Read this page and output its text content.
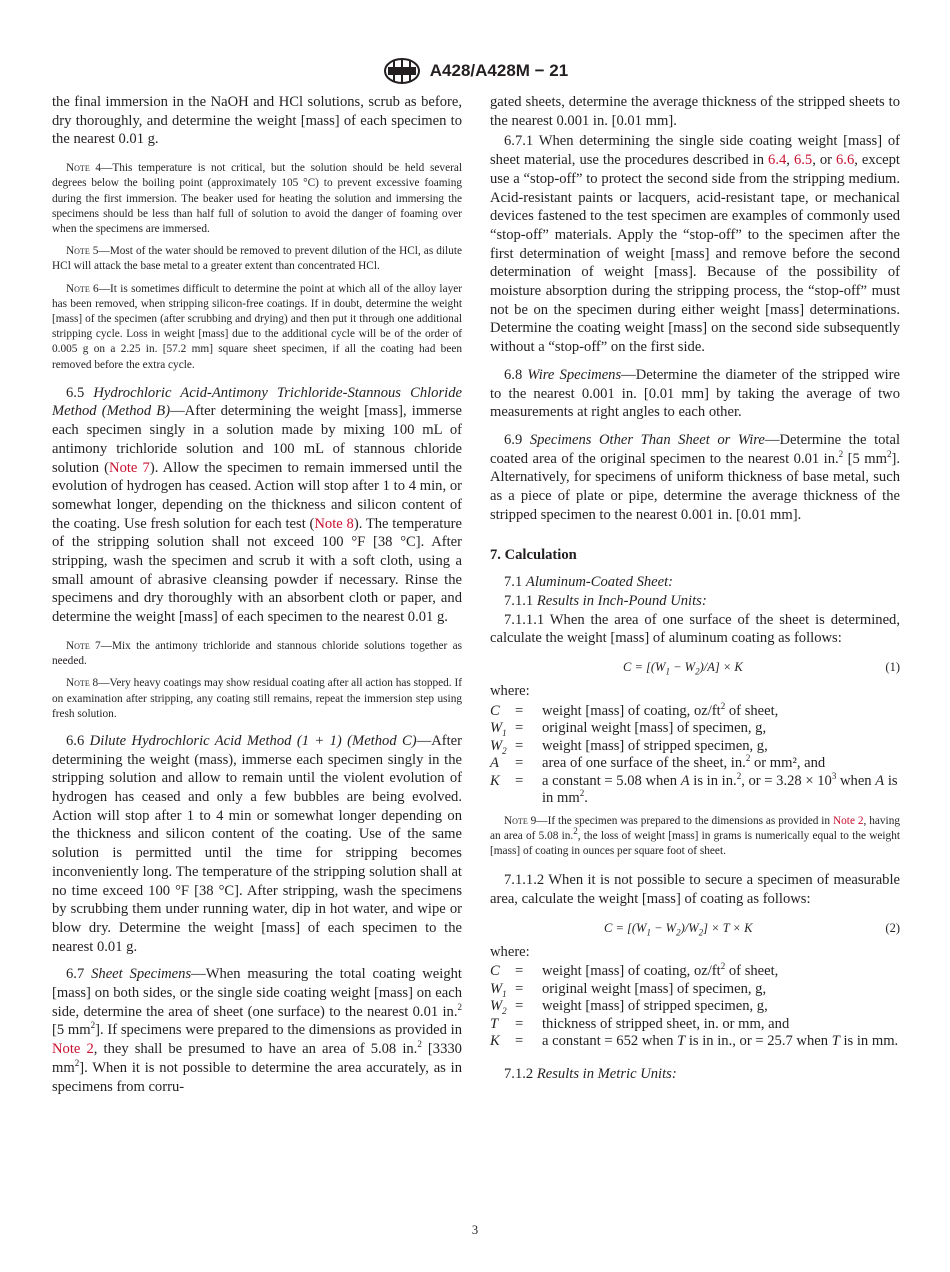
A428/A428M − 21

the final immersion in the NaOH and HCl solutions, scrub as before, dry thoroughly, and determine the weight [mass] of each specimen to the nearest 0.01 g.

Note 4—This temperature is not critical, but the solution should be held several degrees below the boiling point (approximately 105 °C) to prevent excessive foaming during the first immersion. The beaker used for heating the solution and immersing the specimens should be less than half full of solution to avoid the danger of foaming over when the specimens are immersed.

Note 5—Most of the water should be removed to prevent dilution of the HCl, as dilute HCl will attack the base metal to a greater extent than concentrated HCl.

Note 6—It is sometimes difficult to determine the point at which all of the alloy layer has been removed, when stripping silicon-free coatings. If in doubt, determine the weight [mass] of the specimen (after scrubbing and drying) and then put it through one additional stripping cycle. Loss in weight [mass] due to the additional cycle will be of the order of 0.005 g on a 2.25 in. [57.2 mm] square sheet specimen, if all the coating had been removed before the extra cycle.

6.5 Hydrochloric Acid-Antimony Trichloride-Stannous Chloride Method (Method B)—After determining the weight [mass], immerse each specimen singly in a solution made by mixing 100 mL of antimony trichloride solution and 100 mL of stannous chloride solution (Note 7). Allow the specimen to remain immersed until the evolution of hydrogen has ceased. Action will stop after 1 to 4 min, or somewhat longer, depending on the thickness and silicon content of the coating. Use fresh solution for each test (Note 8). The temperature of the stripping solution shall not exceed 100 °F [38 °C]. After stripping, wash the specimen and scrub it with a soft cloth, using a small amount of abrasive cleansing powder if necessary. Rinse the specimens and dry thoroughly with an absorbent cloth or paper, and determine the weight [mass] of each specimen to the nearest 0.01 g.

Note 7—Mix the antimony trichloride and stannous chloride solutions together as needed.

Note 8—Very heavy coatings may show residual coating after all action has stopped. If on examination after stripping, any coating still remains, repeat the immersion step using fresh solution.

6.6 Dilute Hydrochloric Acid Method (1 + 1) (Method C)—After determining the weight (mass), immerse each specimen singly in the stripping solution and allow to remain until the violent evolution of hydrogen has ceased and only a few bubbles are being evolved. Action will stop after 1 to 4 min or somewhat longer depending on the thickness and silicon content of the coating. Use of the same solution is permitted until the time for stripping becomes inconveniently long. The temperature of the stripping solution shall at no time exceed 100 °F [38 °C]. After stripping, wash the specimens by scrubbing them under running water, dip in hot water, and wipe or blow dry. Determine the weight [mass] of each specimen to the nearest 0.01 g.

6.7 Sheet Specimens—When measuring the total coating weight [mass] on both sides, or the single side coating weight [mass] on each side, determine the area of sheet (one surface) to the nearest 0.01 in.$^2$ [5 $mm^2$]. If specimens were prepared to the dimensions as provided in Note 2, they shall be presumed to have an area of 5.08 in.$^2$ [3330 $mm^2$]. When it is not possible to determine the area accurately, as in specimens from corru-

gated sheets, determine the average thickness of the stripped sheets to the nearest 0.001 in. [0.01 mm].

6.7.1 When determining the single side coating weight [mass] of sheet material, use the procedures described in 6.4, 6.5, or 6.6, except use a “stop-off” to protect the second side from the stripping medium. Acid-resistant paints or lacquers, acid-resistant tape, or mechanical devices fastened to the test specimen are examples of commonly used “stop-off” materials. Apply the “stop-off” to the specimen after the first determination of weight [mass] and remove before the second determination of weight [mass]. Because of the possibility of moisture absorption during the stripping process, the “stop-off” must not be on the specimen during either weight [mass] determinations. Determine the coating weight [mass] on the second side subsequently without a “stop-off” on the first side.

6.8 Wire Specimens—Determine the diameter of the stripped wire to the nearest 0.001 in. [0.01 mm] by taking the average of two measurements at right angles to each other.

6.9 Specimens Other Than Sheet or Wire—Determine the total coated area of the original specimen to the nearest 0.01 in.$^2$ [5 $mm^2$]. Alternatively, for specimens of uniform thickness of base metal, such as a piece of plate or pipe, determine the average thickness of the stripped specimen to the nearest 0.001 in. [0.01 mm].

7. Calculation

7.1 Aluminum-Coated Sheet:

7.1.1 Results in Inch-Pound Units:

7.1.1.1 When the area of one surface of the sheet is determined, calculate the weight [mass] of aluminum coating as follows:

$C = [(W_1 - W_2)/A] \times K$	(1)

where:

C	=	weight [mass] of coating, $oz/ft^2$ of sheet,
$W_1$	=	original weight [mass] of specimen, g,
$W_2$	=	weight [mass] of stripped specimen, g,
A	=	area of one surface of the sheet, in.$^2$ or mm², and
K	=	a constant = 5.08 when A is in in.$^2$, or = $3.28 \times 10^3$ when A is in $mm^2$.

Note 9—If the specimen was prepared to the dimensions as provided in Note 2, having an area of 5.08 in.$^2$, the loss of weight [mass] in grams is numerically equal to the weight [mass] of coating in ounces per square foot of sheet.

7.1.1.2 When it is not possible to secure a specimen of measurable area, calculate the weight [mass] of coating as follows:

$C = [(W_1 - W_2)/W_2] \times T \times K$	(2)

where:

C	=	weight [mass] of coating, $oz/ft^2$ of sheet,
$W_1$	=	original weight [mass] of specimen, g,
$W_2$	=	weight [mass] of stripped specimen, g,
T	=	thickness of stripped sheet, in. or mm, and
K	=	a constant = 652 when T is in in., or = 25.7 when T is in mm.

7.1.2 Results in Metric Units:

3
